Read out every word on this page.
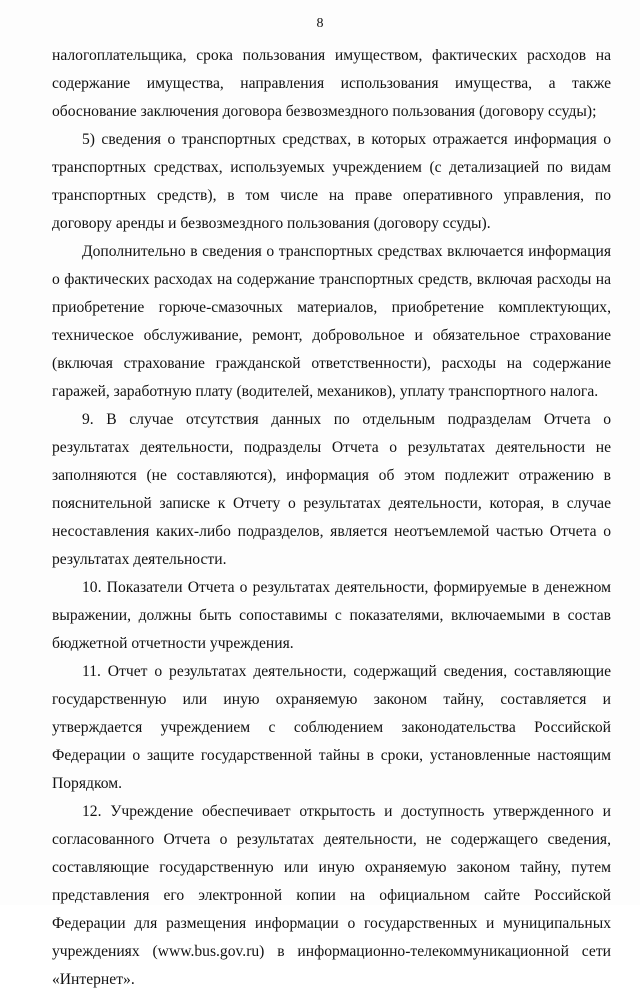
8

налогоплательщика, срока пользования имуществом, фактических расходов на содержание имущества, направления использования имущества, а также обоснование заключения договора безвозмездного пользования (договору ссуды);

5) сведения о транспортных средствах, в которых отражается информация о транспортных средствах, используемых учреждением (с детализацией по видам транспортных средств), в том числе на праве оперативного управления, по договору аренды и безвозмездного пользования (договору ссуды).

Дополнительно в сведения о транспортных средствах включается информация о фактических расходах на содержание транспортных средств, включая расходы на приобретение горюче-смазочных материалов, приобретение комплектующих, техническое обслуживание, ремонт, добровольное и обязательное страхование (включая страхование гражданской ответственности), расходы на содержание гаражей, заработную плату (водителей, механиков), уплату транспортного налога.

9. В случае отсутствия данных по отдельным подразделам Отчета о результатах деятельности, подразделы Отчета о результатах деятельности не заполняются (не составляются), информация об этом подлежит отражению в пояснительной записке к Отчету о результатах деятельности, которая, в случае несоставления каких-либо подразделов, является неотъемлемой частью Отчета о результатах деятельности.

10. Показатели Отчета о результатах деятельности, формируемые в денежном выражении, должны быть сопоставимы с показателями, включаемыми в состав бюджетной отчетности учреждения.

11. Отчет о результатах деятельности, содержащий сведения, составляющие государственную или иную охраняемую законом тайну, составляется и утверждается учреждением с соблюдением законодательства Российской Федерации о защите государственной тайны в сроки, установленные настоящим Порядком.

12. Учреждение обеспечивает открытость и доступность утвержденного и согласованного Отчета о результатах деятельности, не содержащего сведения, составляющие государственную или иную охраняемую законом тайну, путем представления его электронной копии на официальном сайте Российской Федерации для размещения информации о государственных и муниципальных учреждениях (www.bus.gov.ru) в информационно-телекоммуникационной сети «Интернет».
